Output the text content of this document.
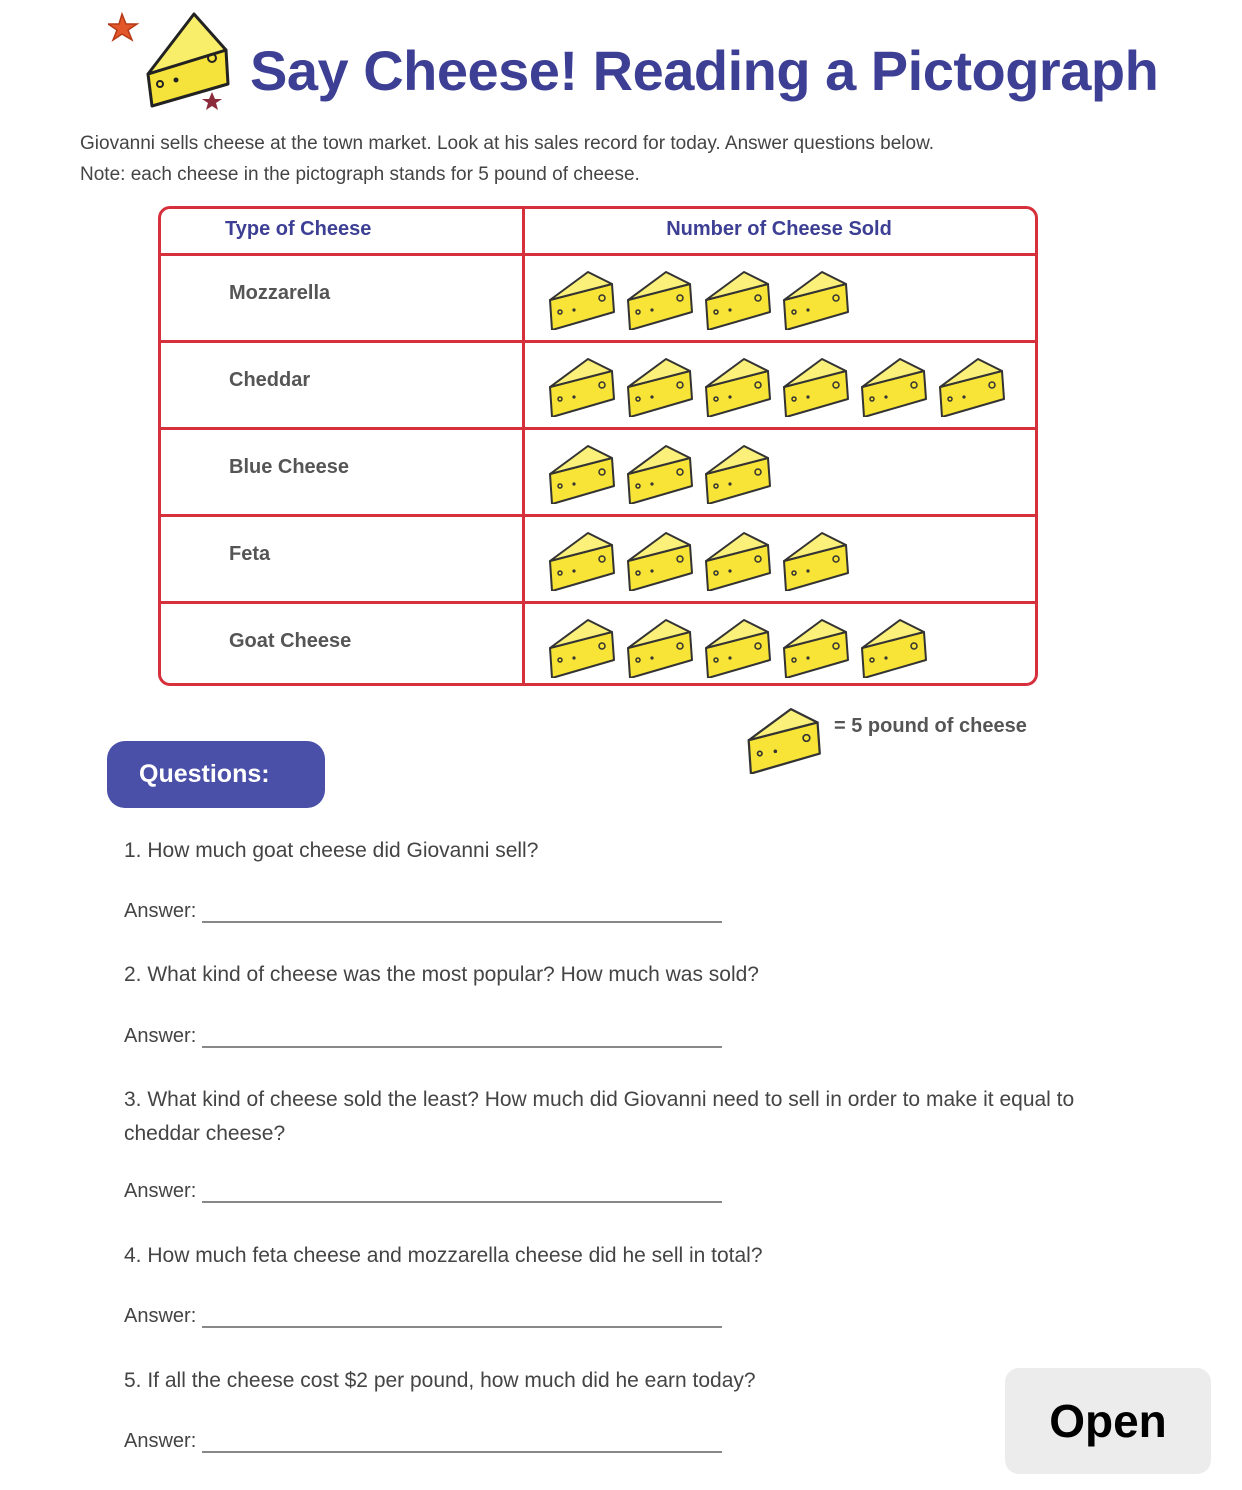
Say Cheese! Reading a Pictograph
Giovanni sells cheese at the town market. Look at his sales record for today. Answer questions below.
Note: each cheese in the pictograph stands for 5 pound of cheese.
Type of Cheese	Number of Cheese Sold
Mozzarella
Cheddar
Blue Cheese
Feta
Goat Cheese
= 5 pound of cheese
Questions:
1. How much goat cheese did Giovanni sell?
Answer:
2. What kind of cheese was the most popular? How much was sold?
Answer:
3. What kind of cheese sold the least? How much did Giovanni need to sell in order to make it equal to cheddar cheese?
Answer:
4. How much feta cheese and mozzarella cheese did he sell in total?
Answer:
5. If all the cheese cost $2 per pound, how much did he earn today?
Answer:	Open
